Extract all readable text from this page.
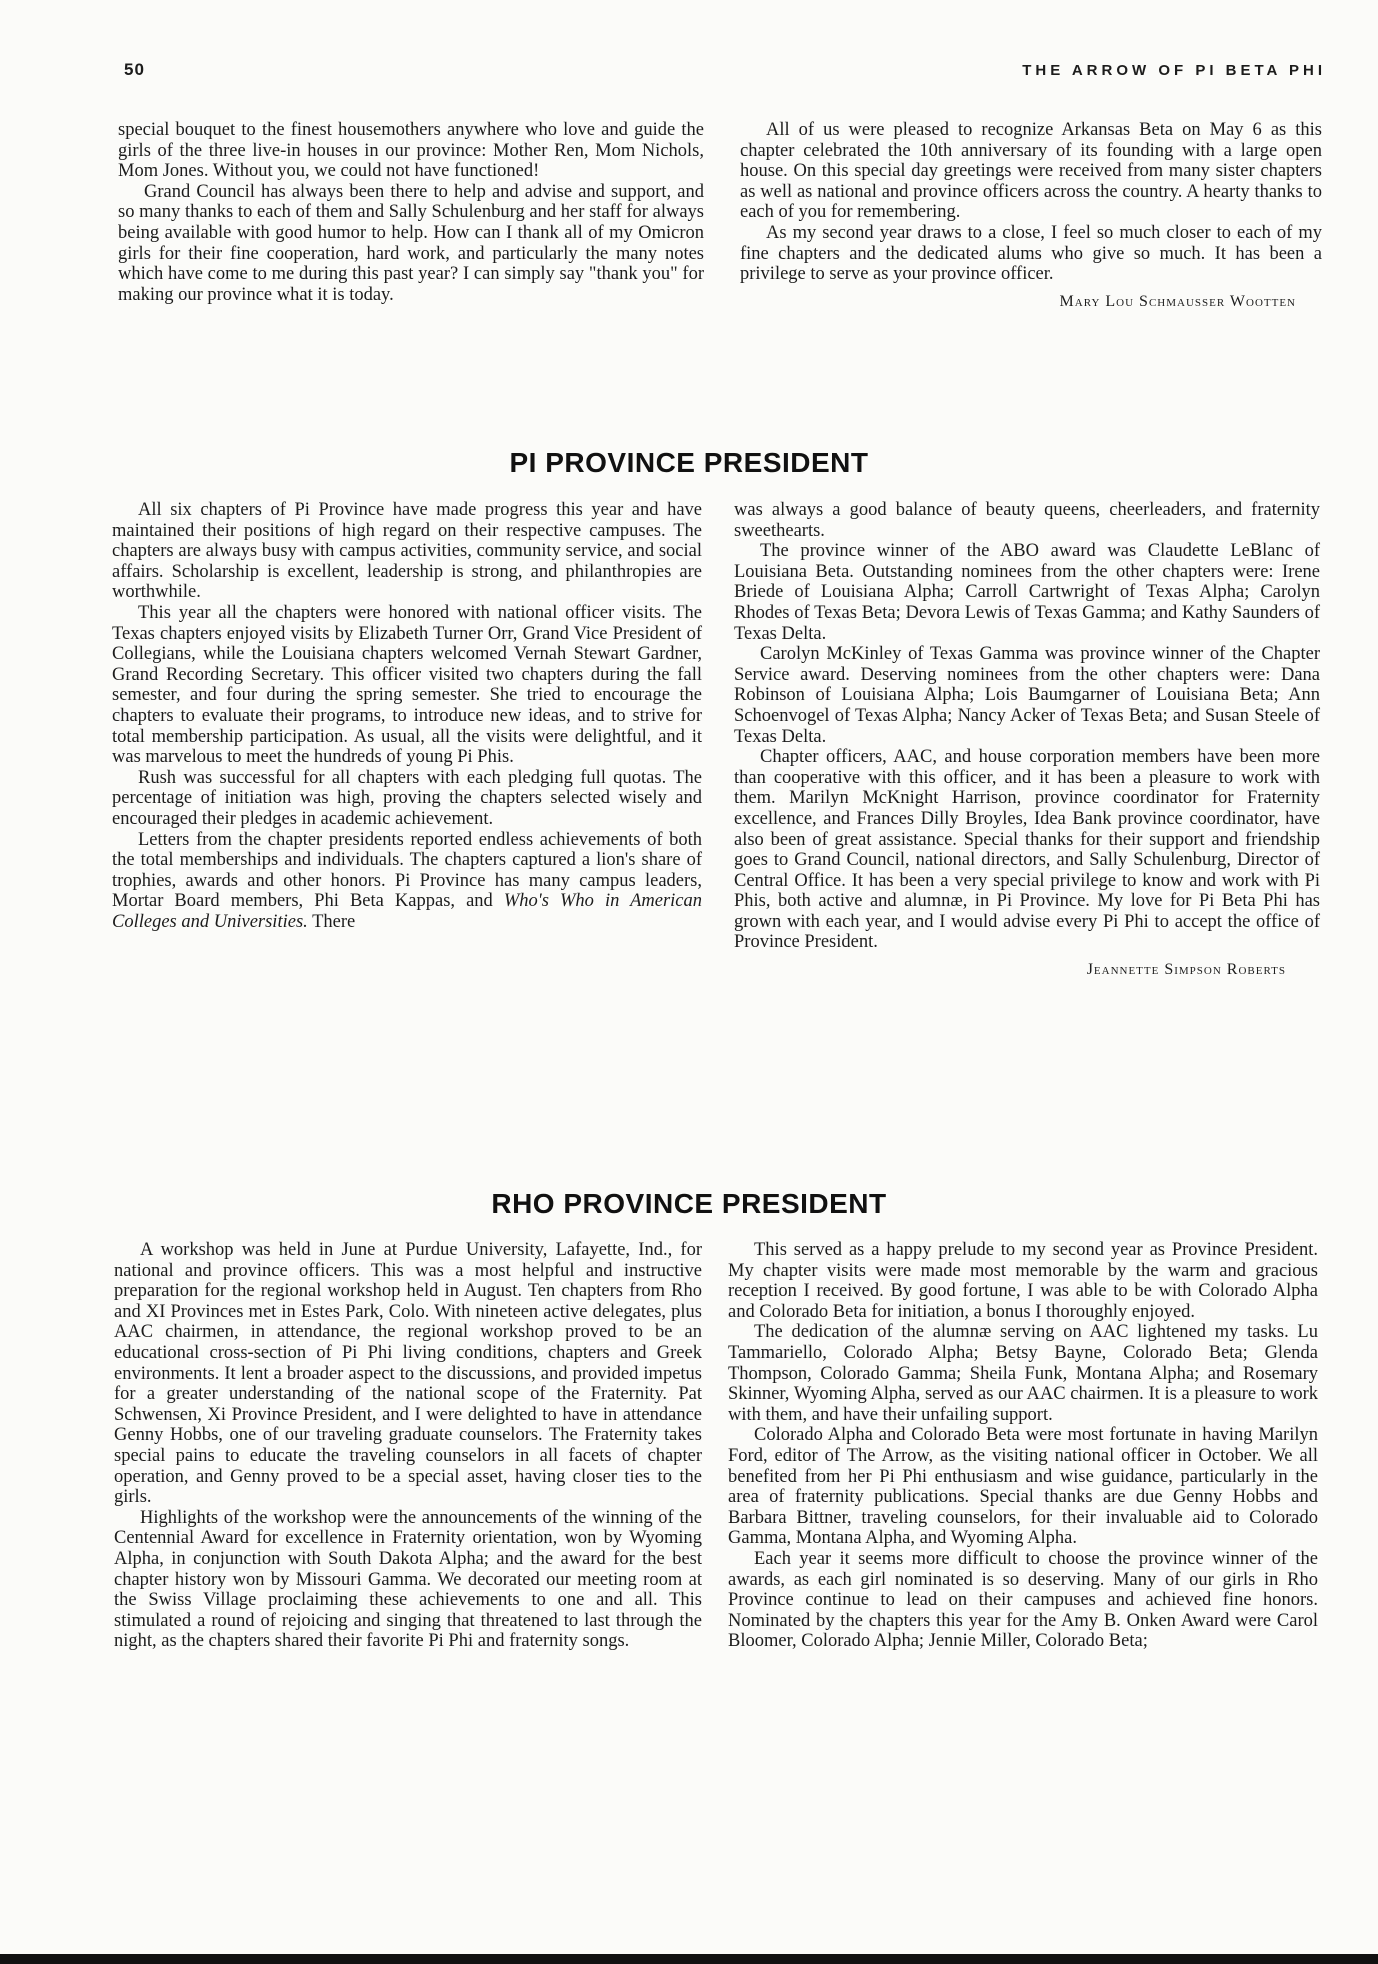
50	THE ARROW OF PI BETA PHI

special bouquet to the finest housemothers anywhere who love and guide the girls of the three live-in houses in our province: Mother Ren, Mom Nichols, Mom Jones. Without you, we could not have functioned!

Grand Council has always been there to help and advise and support, and so many thanks to each of them and Sally Schulenburg and her staff for always being available with good humor to help. How can I thank all of my Omicron girls for their fine cooperation, hard work, and particularly the many notes which have come to me during this past year? I can simply say "thank you" for making our province what it is today.

All of us were pleased to recognize Arkansas Beta on May 6 as this chapter celebrated the 10th anniversary of its founding with a large open house. On this special day greetings were received from many sister chapters as well as national and province officers across the country. A hearty thanks to each of you for remembering.

As my second year draws to a close, I feel so much closer to each of my fine chapters and the dedicated alums who give so much. It has been a privilege to serve as your province officer.

Mary Lou Schmausser Wootten
PI PROVINCE PRESIDENT

All six chapters of Pi Province have made progress this year and have maintained their positions of high regard on their respective campuses. The chapters are always busy with campus activities, community service, and social affairs. Scholarship is excellent, leadership is strong, and philanthropies are worthwhile.

This year all the chapters were honored with national officer visits. The Texas chapters enjoyed visits by Elizabeth Turner Orr, Grand Vice President of Collegians, while the Louisiana chapters welcomed Vernah Stewart Gardner, Grand Recording Secretary. This officer visited two chapters during the fall semester, and four during the spring semester. She tried to encourage the chapters to evaluate their programs, to introduce new ideas, and to strive for total membership participation. As usual, all the visits were delightful, and it was marvelous to meet the hundreds of young Pi Phis.

Rush was successful for all chapters with each pledging full quotas. The percentage of initiation was high, proving the chapters selected wisely and encouraged their pledges in academic achievement.

Letters from the chapter presidents reported endless achievements of both the total memberships and individuals. The chapters captured a lion's share of trophies, awards and other honors. Pi Province has many campus leaders, Mortar Board members, Phi Beta Kappas, and Who's Who in American Colleges and Universities. There

was always a good balance of beauty queens, cheerleaders, and fraternity sweethearts.

The province winner of the ABO award was Claudette LeBlanc of Louisiana Beta. Outstanding nominees from the other chapters were: Irene Briede of Louisiana Alpha; Carroll Cartwright of Texas Alpha; Carolyn Rhodes of Texas Beta; Devora Lewis of Texas Gamma; and Kathy Saunders of Texas Delta.

Carolyn McKinley of Texas Gamma was province winner of the Chapter Service award. Deserving nominees from the other chapters were: Dana Robinson of Louisiana Alpha; Lois Baumgarner of Louisiana Beta; Ann Schoenvogel of Texas Alpha; Nancy Acker of Texas Beta; and Susan Steele of Texas Delta.

Chapter officers, AAC, and house corporation members have been more than cooperative with this officer, and it has been a pleasure to work with them. Marilyn McKnight Harrison, province coordinator for Fraternity excellence, and Frances Dilly Broyles, Idea Bank province coordinator, have also been of great assistance. Special thanks for their support and friendship goes to Grand Council, national directors, and Sally Schulenburg, Director of Central Office. It has been a very special privilege to know and work with Pi Phis, both active and alumnæ, in Pi Province. My love for Pi Beta Phi has grown with each year, and I would advise every Pi Phi to accept the office of Province President.

Jeannette Simpson Roberts
RHO PROVINCE PRESIDENT

A workshop was held in June at Purdue University, Lafayette, Ind., for national and province officers. This was a most helpful and instructive preparation for the regional workshop held in August. Ten chapters from Rho and XI Provinces met in Estes Park, Colo. With nineteen active delegates, plus AAC chairmen, in attendance, the regional workshop proved to be an educational cross-section of Pi Phi living conditions, chapters and Greek environments. It lent a broader aspect to the discussions, and provided impetus for a greater understanding of the national scope of the Fraternity. Pat Schwensen, Xi Province President, and I were delighted to have in attendance Genny Hobbs, one of our traveling graduate counselors. The Fraternity takes special pains to educate the traveling counselors in all facets of chapter operation, and Genny proved to be a special asset, having closer ties to the girls.

Highlights of the workshop were the announcements of the winning of the Centennial Award for excellence in Fraternity orientation, won by Wyoming Alpha, in conjunction with South Dakota Alpha; and the award for the best chapter history won by Missouri Gamma. We decorated our meeting room at the Swiss Village proclaiming these achievements to one and all. This stimulated a round of rejoicing and singing that threatened to last through the night, as the chapters shared their favorite Pi Phi and fraternity songs.

This served as a happy prelude to my second year as Province President. My chapter visits were made most memorable by the warm and gracious reception I received. By good fortune, I was able to be with Colorado Alpha and Colorado Beta for initiation, a bonus I thoroughly enjoyed.

The dedication of the alumnæ serving on AAC lightened my tasks. Lu Tammariello, Colorado Alpha; Betsy Bayne, Colorado Beta; Glenda Thompson, Colorado Gamma; Sheila Funk, Montana Alpha; and Rosemary Skinner, Wyoming Alpha, served as our AAC chairmen. It is a pleasure to work with them, and have their unfailing support.

Colorado Alpha and Colorado Beta were most fortunate in having Marilyn Ford, editor of The Arrow, as the visiting national officer in October. We all benefited from her Pi Phi enthusiasm and wise guidance, particularly in the area of fraternity publications. Special thanks are due Genny Hobbs and Barbara Bittner, traveling counselors, for their invaluable aid to Colorado Gamma, Montana Alpha, and Wyoming Alpha.

Each year it seems more difficult to choose the province winner of the awards, as each girl nominated is so deserving. Many of our girls in Rho Province continue to lead on their campuses and achieved fine honors. Nominated by the chapters this year for the Amy B. Onken Award were Carol Bloomer, Colorado Alpha; Jennie Miller, Colorado Beta;
